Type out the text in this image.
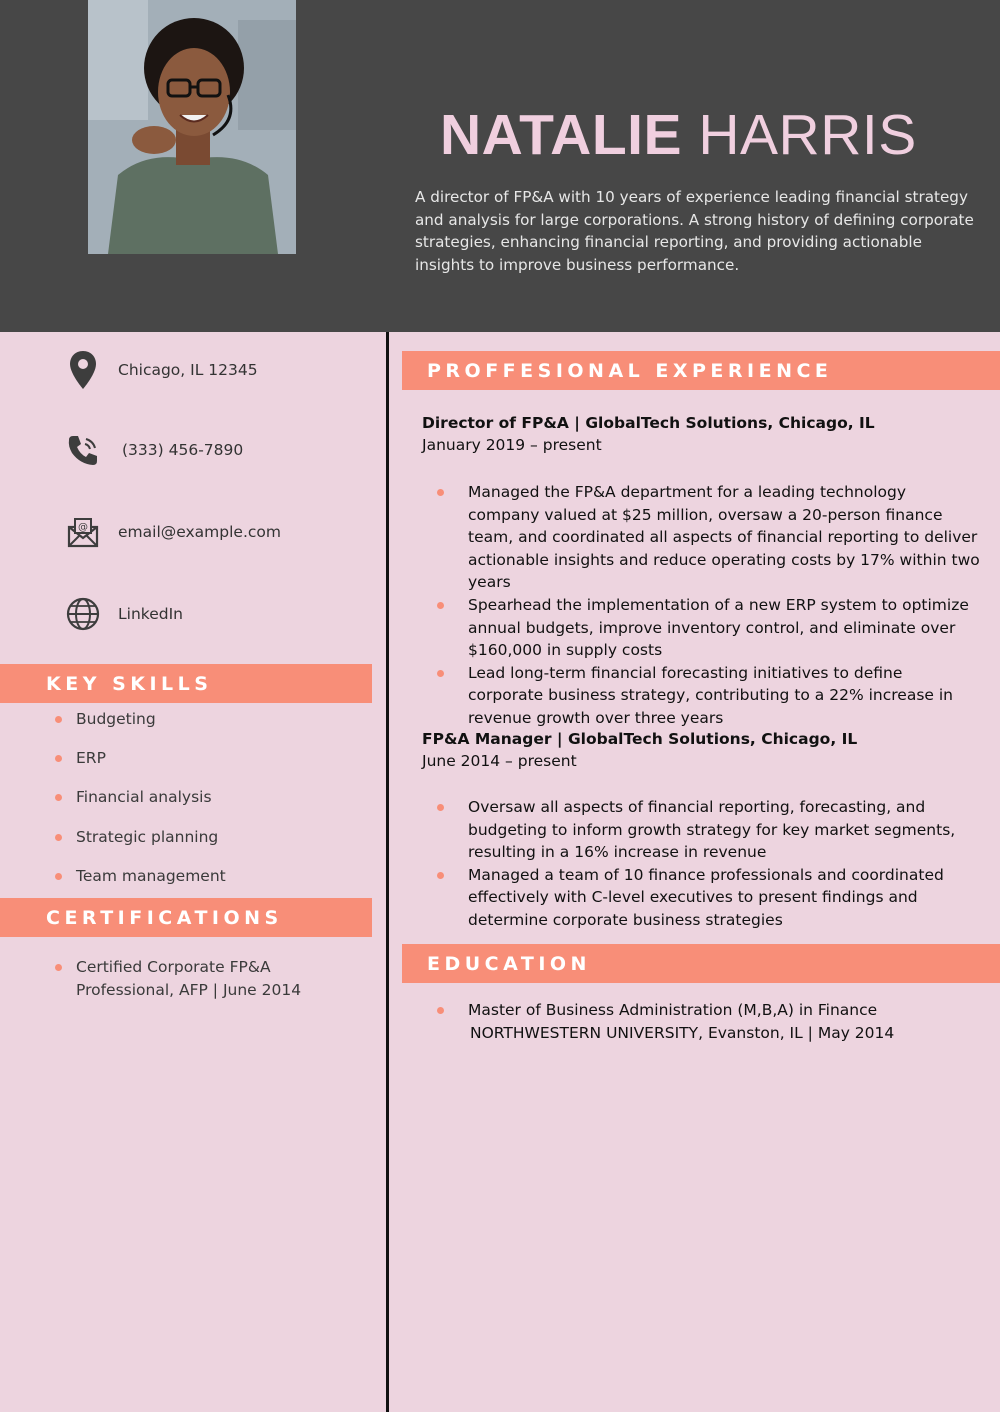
NATALIE HARRIS
A director of FP&A with 10 years of experience leading financial strategy and analysis for large corporations. A strong history of defining corporate strategies, enhancing financial reporting, and providing actionable insights to improve business performance.
Chicago, IL 12345
(333) 456-7890
@ email@example.com
LinkedIn
KEY SKILLS
Budgeting
ERP
Financial analysis
Strategic planning
Team management
CERTIFICATIONS
Certified Corporate FP&A Professional, AFP | June 2014
PROFFESIONAL EXPERIENCE
Director of FP&A | GlobalTech Solutions, Chicago, IL
January 2019 – present
Managed the FP&A department for a leading technology company valued at $25 million, oversaw a 20-person finance team, and coordinated all aspects of financial reporting to deliver actionable insights and reduce operating costs by 17% within two years
Spearhead the implementation of a new ERP system to optimize annual budgets, improve inventory control, and eliminate over $160,000 in supply costs
Lead long-term financial forecasting initiatives to define corporate business strategy, contributing to a 22% increase in revenue growth over three years
FP&A Manager | GlobalTech Solutions, Chicago, IL
June 2014 – present
Oversaw all aspects of financial reporting, forecasting, and budgeting to inform growth strategy for key market segments, resulting in a 16% increase in revenue
Managed a team of 10 finance professionals and coordinated effectively with C-level executives to present findings and determine corporate business strategies
EDUCATION
Master of Business Administration (M,B,A) in Finance
NORTHWESTERN UNIVERSITY, Evanston, IL | May 2014
